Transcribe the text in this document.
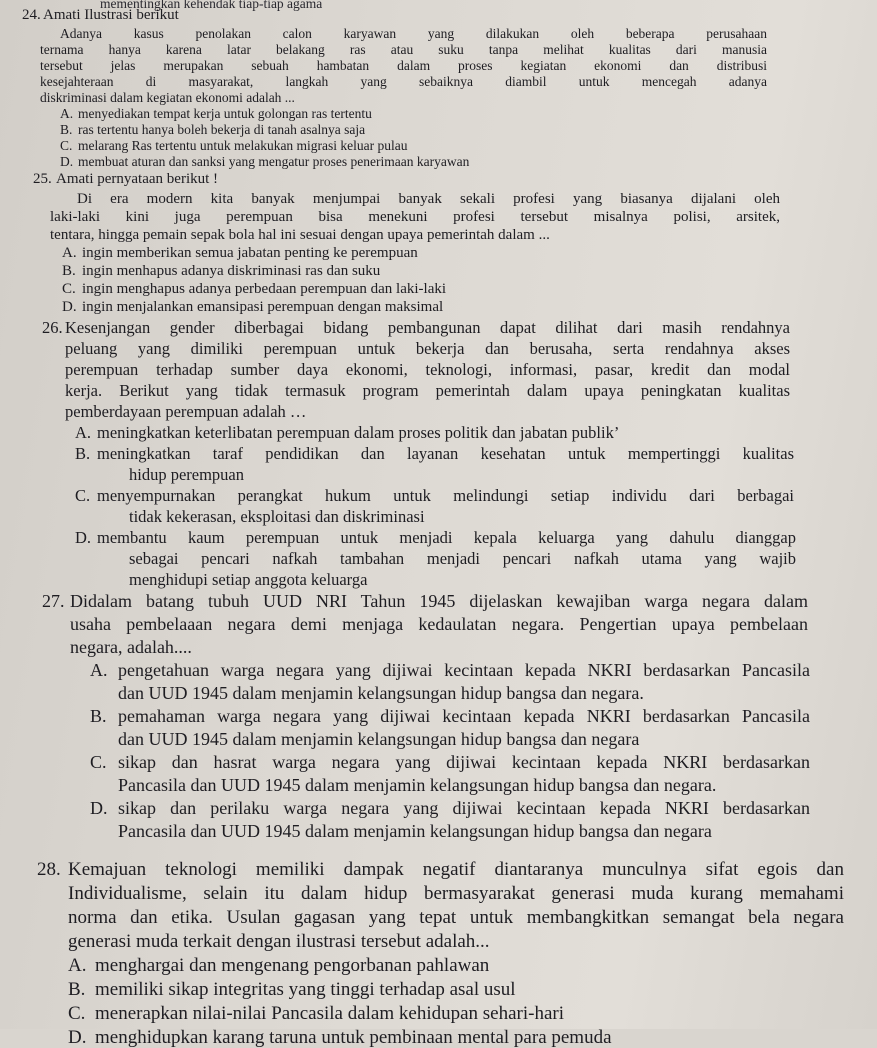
mementingkan kehendak tiap-tiap agama
24. Amati Ilustrasi berikut
Adanya kasus penolakan calon karyawan yang dilakukan oleh beberapa perusahaan
ternama hanya karena latar belakang ras atau suku tanpa melihat kualitas dari manusia
tersebut jelas merupakan sebuah hambatan dalam proses kegiatan ekonomi dan distribusi
kesejahteraan di masyarakat, langkah yang sebaiknya diambil untuk mencegah adanya
diskriminasi dalam kegiatan ekonomi adalah ...
A. menyediakan tempat kerja untuk golongan ras tertentu
B. ras tertentu hanya boleh bekerja di tanah asalnya saja
C. melarang Ras tertentu untuk melakukan migrasi keluar pulau
D. membuat aturan dan sanksi yang mengatur proses penerimaan karyawan
25. Amati pernyataan berikut !
Di era modern kita banyak menjumpai banyak sekali profesi yang biasanya dijalani oleh
laki-laki kini juga perempuan bisa menekuni profesi tersebut misalnya polisi, arsitek,
tentara, hingga pemain sepak bola hal ini sesuai dengan upaya pemerintah dalam ...
A. ingin memberikan semua jabatan penting ke perempuan
B. ingin menhapus adanya diskriminasi ras dan suku
C. ingin menghapus adanya perbedaan perempuan dan laki-laki
D. ingin menjalankan emansipasi perempuan dengan maksimal
26. Kesenjangan gender diberbagai bidang pembangunan dapat dilihat dari masih rendahnya
peluang yang dimiliki perempuan untuk bekerja dan berusaha, serta rendahnya akses
perempuan terhadap sumber daya ekonomi, teknologi, informasi, pasar, kredit dan modal
kerja. Berikut yang tidak termasuk program pemerintah dalam upaya peningkatan kualitas
pemberdayaan perempuan adalah …
A. meningkatkan keterlibatan perempuan dalam proses politik dan jabatan publik’
B. meningkatkan taraf pendidikan dan layanan kesehatan untuk mempertinggi kualitas
hidup perempuan
C. menyempurnakan perangkat hukum untuk melindungi setiap individu dari berbagai
tidak kekerasan, eksploitasi dan diskriminasi
D. membantu kaum perempuan untuk menjadi kepala keluarga yang dahulu dianggap
sebagai pencari nafkah tambahan menjadi pencari nafkah utama yang wajib
menghidupi setiap anggota keluarga
27. Didalam batang tubuh UUD NRI Tahun 1945 dijelaskan kewajiban warga negara dalam
usaha pembelaaan negara demi menjaga kedaulatan negara. Pengertian upaya pembelaan
negara, adalah....
A. pengetahuan warga negara yang dijiwai kecintaan kepada NKRI berdasarkan Pancasila
dan UUD 1945 dalam menjamin kelangsungan hidup bangsa dan negara.
B. pemahaman warga negara yang dijiwai kecintaan kepada NKRI berdasarkan Pancasila
dan UUD 1945 dalam menjamin kelangsungan hidup bangsa dan negara
C. sikap dan hasrat warga negara yang dijiwai kecintaan kepada NKRI berdasarkan
Pancasila dan UUD 1945 dalam menjamin kelangsungan hidup bangsa dan negara.
D. sikap dan perilaku warga negara yang dijiwai kecintaan kepada NKRI berdasarkan
Pancasila dan UUD 1945 dalam menjamin kelangsungan hidup bangsa dan negara
28. Kemajuan teknologi memiliki dampak negatif diantaranya munculnya sifat egois dan
Individualisme, selain itu dalam hidup bermasyarakat generasi muda kurang memahami
norma dan etika. Usulan gagasan yang tepat untuk membangkitkan semangat bela negara
generasi muda terkait dengan ilustrasi tersebut adalah...
A. menghargai dan mengenang pengorbanan pahlawan
B. memiliki sikap integritas yang tinggi terhadap asal usul
C. menerapkan nilai-nilai Pancasila dalam kehidupan sehari-hari
D. menghidupkan karang taruna untuk pembinaan mental para pemuda
